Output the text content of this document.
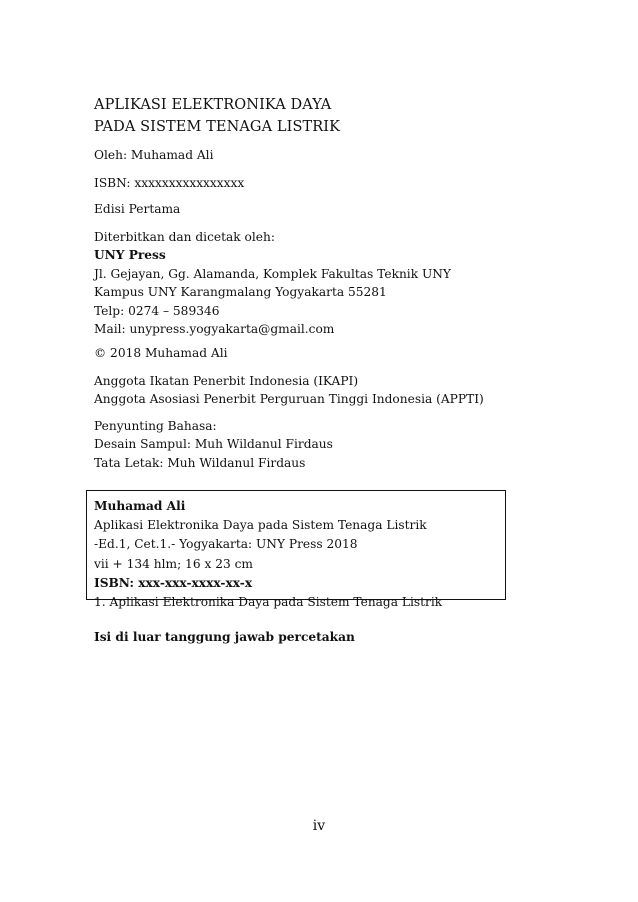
APLIKASI ELEKTRONIKA DAYA
PADA SISTEM TENAGA LISTRIK
Oleh: Muhamad Ali
ISBN: xxxxxxxxxxxxxxxx
Edisi Pertama
Diterbitkan dan dicetak oleh:
UNY Press
Jl. Gejayan, Gg. Alamanda, Komplek Fakultas Teknik UNY
Kampus UNY Karangmalang Yogyakarta 55281
Telp: 0274 – 589346
Mail: unypress.yogyakarta@gmail.com
© 2018 Muhamad Ali
Anggota Ikatan Penerbit Indonesia (IKAPI)
Anggota Asosiasi Penerbit Perguruan Tinggi Indonesia (APPTI)
Penyunting Bahasa:
Desain Sampul: Muh Wildanul Firdaus
Tata Letak: Muh Wildanul Firdaus
Muhamad Ali
Aplikasi Elektronika Daya pada Sistem Tenaga Listrik
-Ed.1, Cet.1.- Yogyakarta: UNY Press 2018
vii + 134 hlm; 16 x 23 cm
ISBN: xxx-xxx-xxxx-xx-x
1. Aplikasi Elektronika Daya pada Sistem Tenaga Listrik
Isi di luar tanggung jawab percetakan
iv
